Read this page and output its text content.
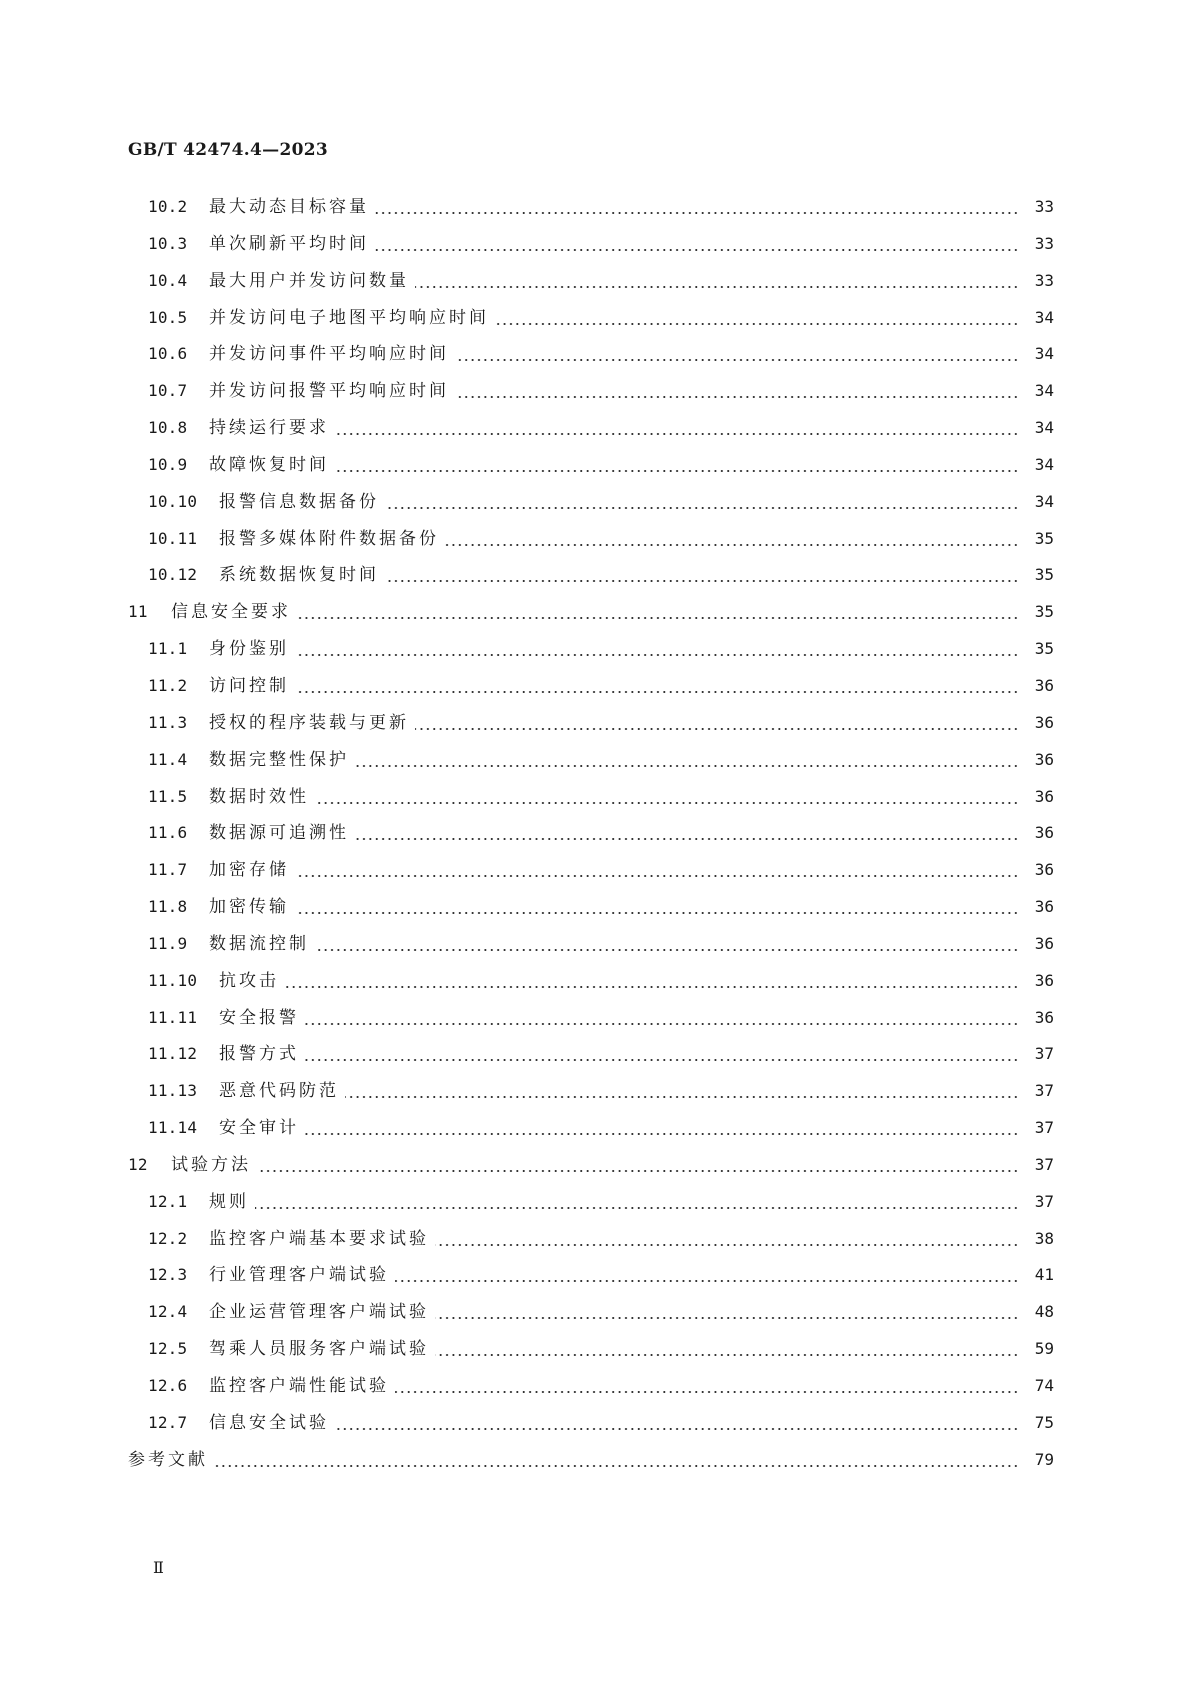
GB/T 42474.4—2023
10.2 最大动态目标容量	33
10.3 单次刷新平均时间	33
10.4 最大用户并发访问数量	33
10.5 并发访问电子地图平均响应时间	34
10.6 并发访问事件平均响应时间	34
10.7 并发访问报警平均响应时间	34
10.8 持续运行要求	34
10.9 故障恢复时间	34
10.10 报警信息数据备份	34
10.11 报警多媒体附件数据备份	35
10.12 系统数据恢复时间	35
11 信息安全要求	35
11.1 身份鉴别	35
11.2 访问控制	36
11.3 授权的程序装载与更新	36
11.4 数据完整性保护	36
11.5 数据时效性	36
11.6 数据源可追溯性	36
11.7 加密存储	36
11.8 加密传输	36
11.9 数据流控制	36
11.10 抗攻击	36
11.11 安全报警	36
11.12 报警方式	37
11.13 恶意代码防范	37
11.14 安全审计	37
12 试验方法	37
12.1 规则	37
12.2 监控客户端基本要求试验	38
12.3 行业管理客户端试验	41
12.4 企业运营管理客户端试验	48
12.5 驾乘人员服务客户端试验	59
12.6 监控客户端性能试验	74
12.7 信息安全试验	75
参考文献	79
Ⅱ
